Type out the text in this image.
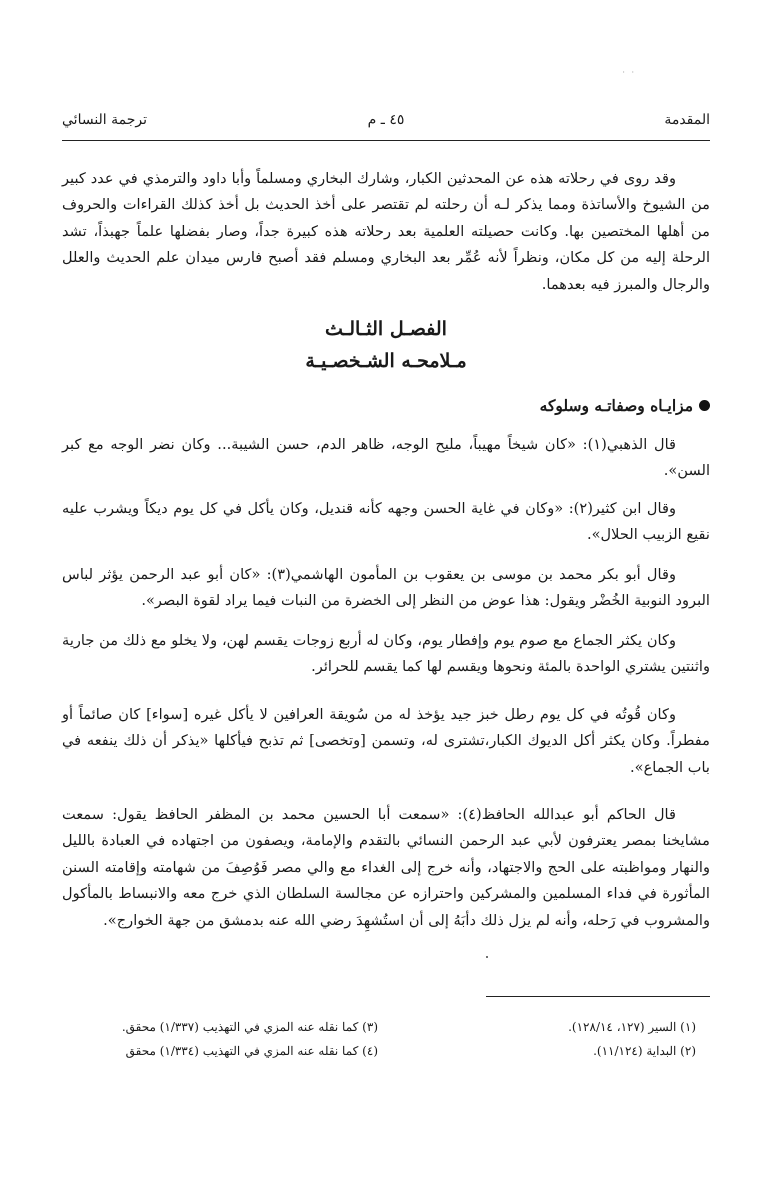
· ·
المقدمة
٤٥ ـ م
ترجمة النسائي

وقد روى في رحلاته هذه عن المحدثين الكبار، وشارك البخاري ومسلماً وأبا داود والترمذي في عدد كبير من الشيوخ والأساتذة ومما يذكر لـه أن رحلته لم تقتصر على أخذ الحديث بل أخذ كذلك القراءات والحروف من أهلها المختصين بها. وكانت حصيلته العلمية بعد رحلاته هذه كبيرة جداً، وصار بفضلها علماً جهبذاً، تشد الرحلة إليه من كل مكان، ونظراً لأنه عُمِّر بعد البخاري ومسلم فقد أصبح فارس ميدان علم الحديث والعلل والرجال والمبرز فيه بعدهما.

الفصـل الثـالـث
مـلامحـه الشـخصـيـة
مزايـاه وصفاتـه وسلوكه

قال الذهبي(١): «كان شيخاً مهيباً، مليح الوجه، ظاهر الدم، حسن الشيبة... وكان نضر الوجه مع كبر السن».

وقال ابن كثير(٢): «وكان في غاية الحسن وجهه كأنه قنديل، وكان يأكل في كل يوم ديكاً ويشرب عليه نقيع الزبيب الحلال».

وقال أبو بكر محمد بن موسى بن يعقوب بن المأمون الهاشمي(٣): «كان أبو عبد الرحمن يؤثر لباس البرود النوبية الخُضْر ويقول: هذا عوض من النظر إلى الخضرة من النبات فيما يراد لقوة البصر».

وكان يكثر الجماع مع صوم يوم وإفطار يوم، وكان له أربع زوجات يقسم لهن، ولا يخلو مع ذلك من جارية واثنتين يشتري الواحدة بالمئة ونحوها ويقسم لها كما يقسم للحرائر.

وكان قُوتُه في كل يوم رطل خبز جيد يؤخذ له من سُويقة العرافين لا يأكل غيره [سواء] كان صائماً أو مفطراً. وكان يكثر أكل الديوك الكبار،تشترى له، وتسمن [وتخصى] ثم تذبح فيأكلها «يذكر أن ذلك ينفعه في باب الجماع».

قال الحاكم أبو عبدالله الحافظ(٤): «سمعت أبا الحسين محمد بن المظفر الحافظ يقول: سمعت مشايخنا بمصر يعترفون لأبي عبد الرحمن النسائي بالتقدم والإمامة، ويصفون من اجتهاده في العبادة بالليل والنهار ومواظبته على الحج والاجتهاد، وأنه خرج إلى الغداء مع والي مصر فَوُصِفَ من شهامته وإقامته السنن المأثورة في فداء المسلمين والمشركين واحترازه عن مجالسة السلطان الذي خرج معه والانبساط بالمأكول والمشروب في رَحله، وأنه لم يزل ذلك دأبَهُ إلى أن استُشهِدَ رضي الله عنه بدمشق من جهة الخوارج».

(١) السير (١٢٧، ١٢٨/١٤).
(٢) البداية (١١/١٢٤).
(٣) كما نقله عنه المزي في التهذيب (١/٣٣٧) محقق.
(٤) كما نقله عنه المزي في التهذيب (١/٣٣٤) محقق
